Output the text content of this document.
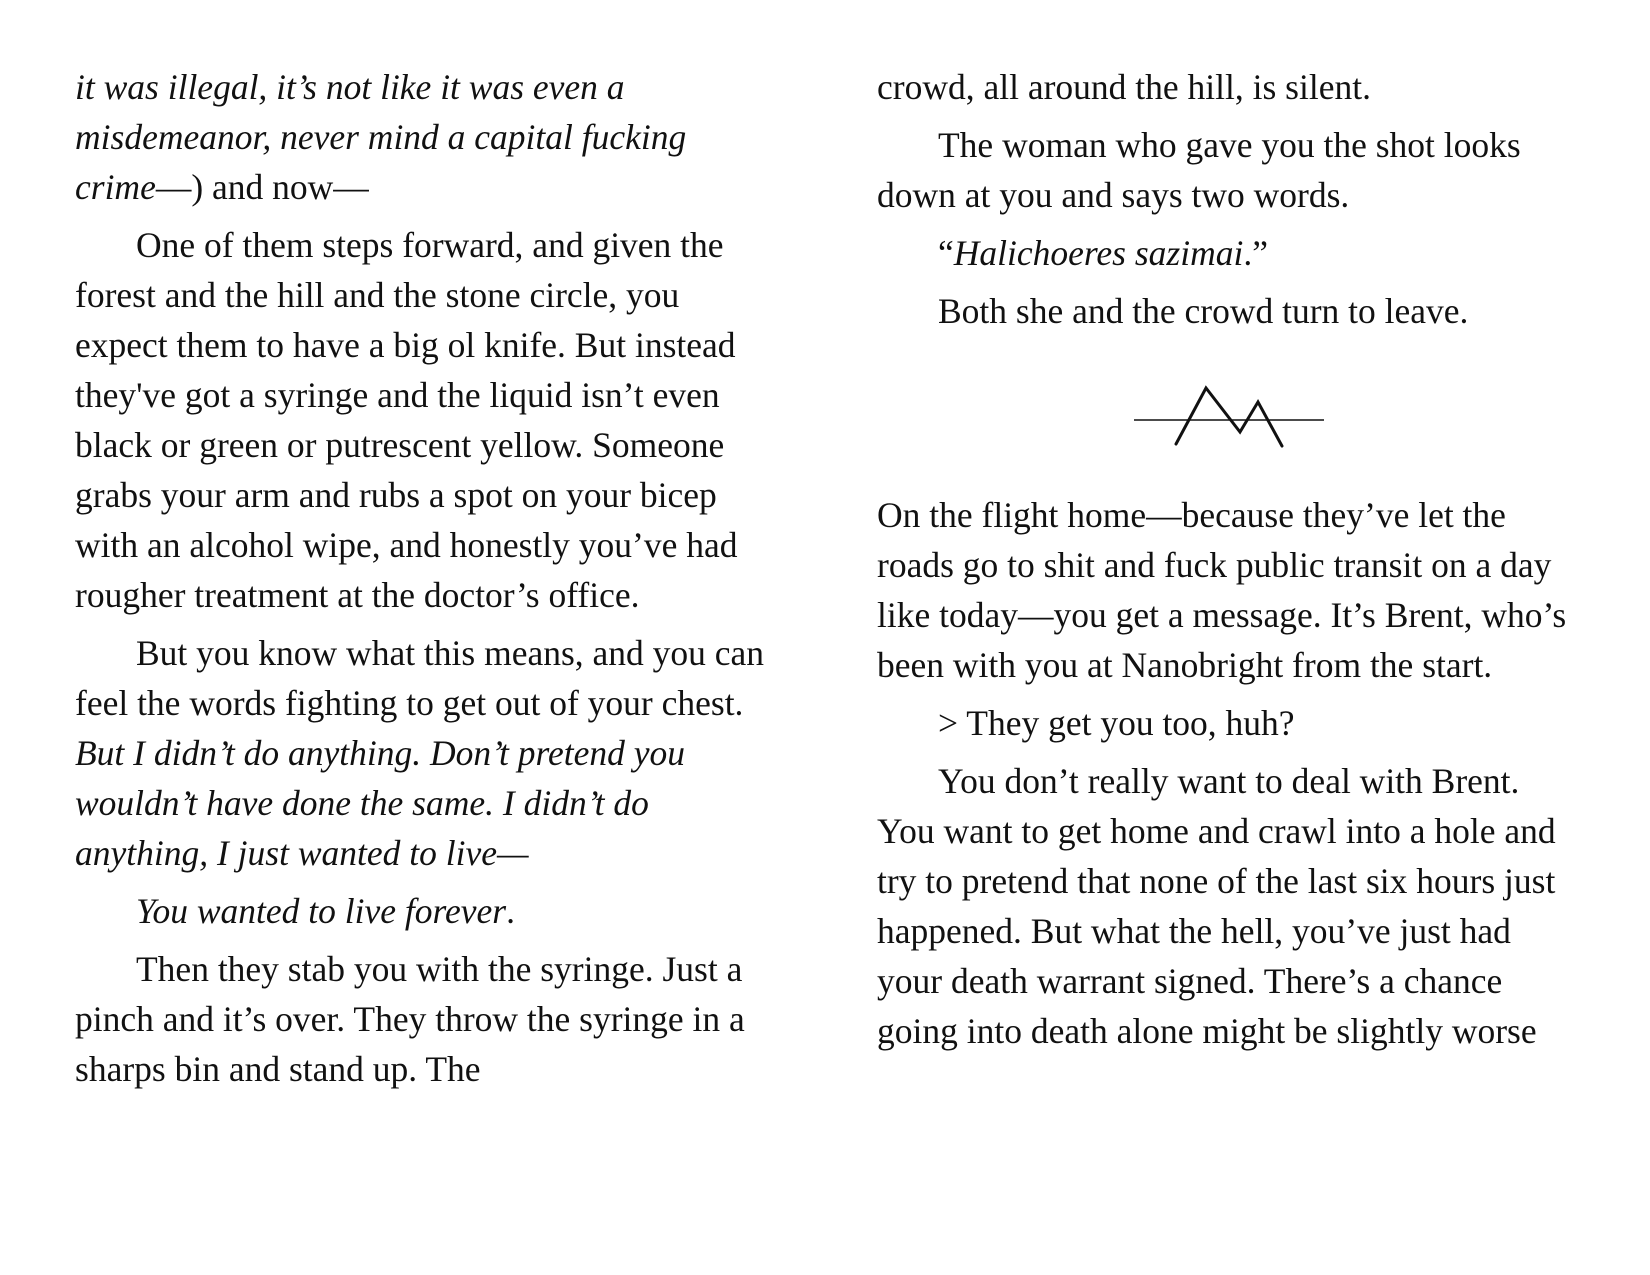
it was illegal, it’s not like it was even a misdemeanor, never mind a capital fucking crime—) and now—

One of them steps forward, and given the forest and the hill and the stone circle, you expect them to have a big ol knife. But instead they've got a syringe and the liquid isn’t even black or green or putrescent yellow. Someone grabs your arm and rubs a spot on your bicep with an alcohol wipe, and honestly you’ve had rougher treatment at the doctor’s office.

But you know what this means, and you can feel the words fighting to get out of your chest. But I didn’t do anything. Don’t pretend you wouldn’t have done the same. I didn’t do anything, I just wanted to live—

You wanted to live forever.

Then they stab you with the syringe. Just a pinch and it’s over. They throw the syringe in a sharps bin and stand up. The

crowd, all around the hill, is silent.

The woman who gave you the shot looks down at you and says two words.

“Halichoeres sazimai.”

Both she and the crowd turn to leave.

On the flight home—because they’ve let the roads go to shit and fuck public transit on a day like today—you get a message. It’s Brent, who’s been with you at Nanobright from the start.

> They get you too, huh?

You don’t really want to deal with Brent. You want to get home and crawl into a hole and try to pretend that none of the last six hours just happened. But what the hell, you’ve just had your death warrant signed. There’s a chance going into death alone might be slightly worse
